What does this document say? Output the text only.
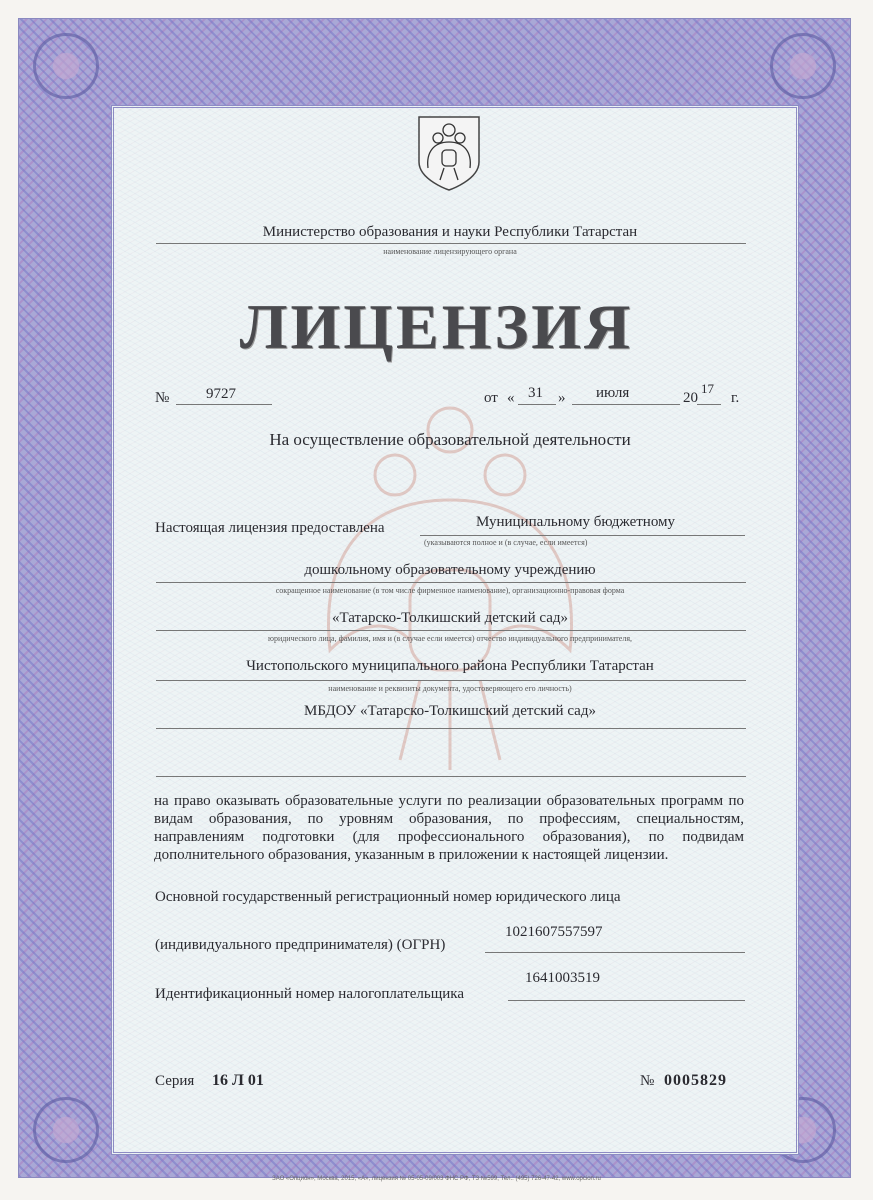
Министерство образования и науки Республики Татарстан
наименование лицензирующего органа
ЛИЦЕНЗИЯ
№ 9727	от « 31 » июля	20
17
г.
На осуществление образовательной деятельности
Настоящая лицензия предоставлена	Муниципальному бюджетному
(указываются полное и (в случае, если имеется)
дошкольному образовательному учреждению
сокращенное наименование (в том числе фирменное наименование), организационно-правовая форма
«Татарско-Толкишский детский сад»
юридического лица, фамилия, имя и (в случае если имеется) отчество индивидуального предпринимателя,
Чистопольского муниципального района Республики Татарстан
наименование и реквизиты документа, удостоверяющего его личность)
МБДОУ «Татарско-Толкишский детский сад»
на право оказывать образовательные услуги по реализации образовательных программ по видам образования, по уровням образования, по профессиям, специальностям, направлениям подготовки (для профессионального образования), по подвидам дополнительного образования, указанным в приложении к настоящей лицензии.
Основной государственный регистрационный номер юридического лица
(индивидуального предпринимателя) (ОГРН)
1021607557597
Идентификационный номер налогоплательщика
1641003519
Серия 16 Л 01	№ 0005829
ЗАО «Опцион», Москва, 2015, «А», лицензия № 05-05-09/003 ФНС РФ, ТЗ №599, Тел.: (495) 726-47-42, www.opcion.ru
